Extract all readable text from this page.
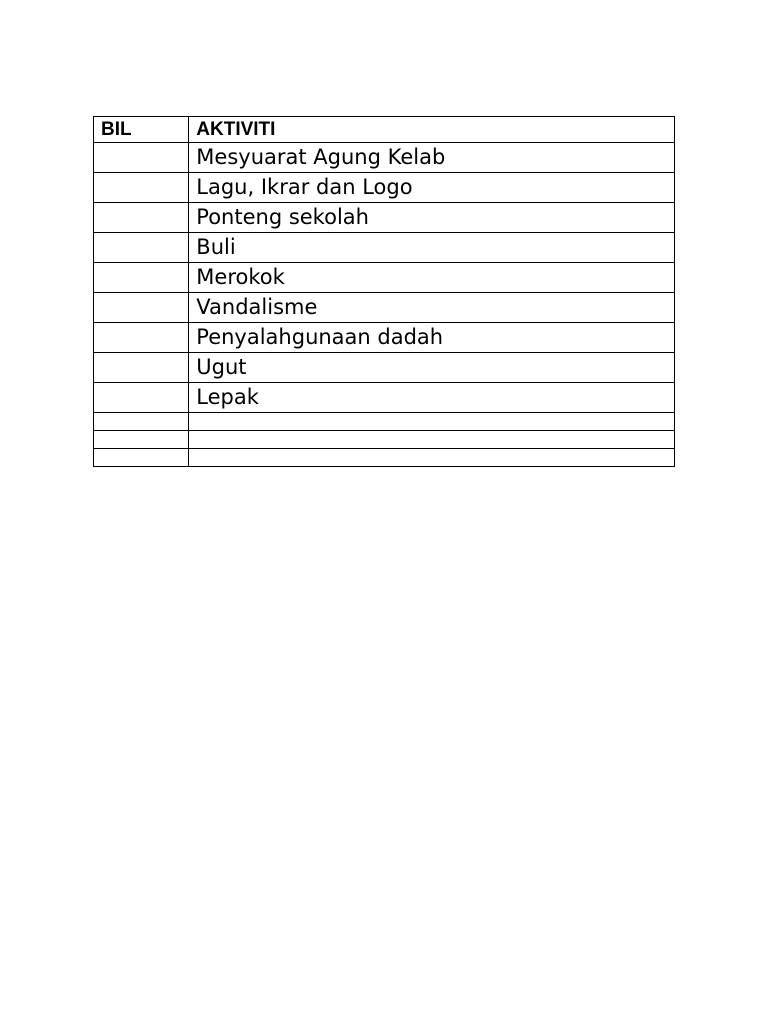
BIL	AKTIVITI
	Mesyuarat Agung Kelab
	Lagu, Ikrar dan Logo
	Ponteng sekolah
	Buli
	Merokok
	Vandalisme
	Penyalahgunaan dadah
	Ugut
	Lepak
